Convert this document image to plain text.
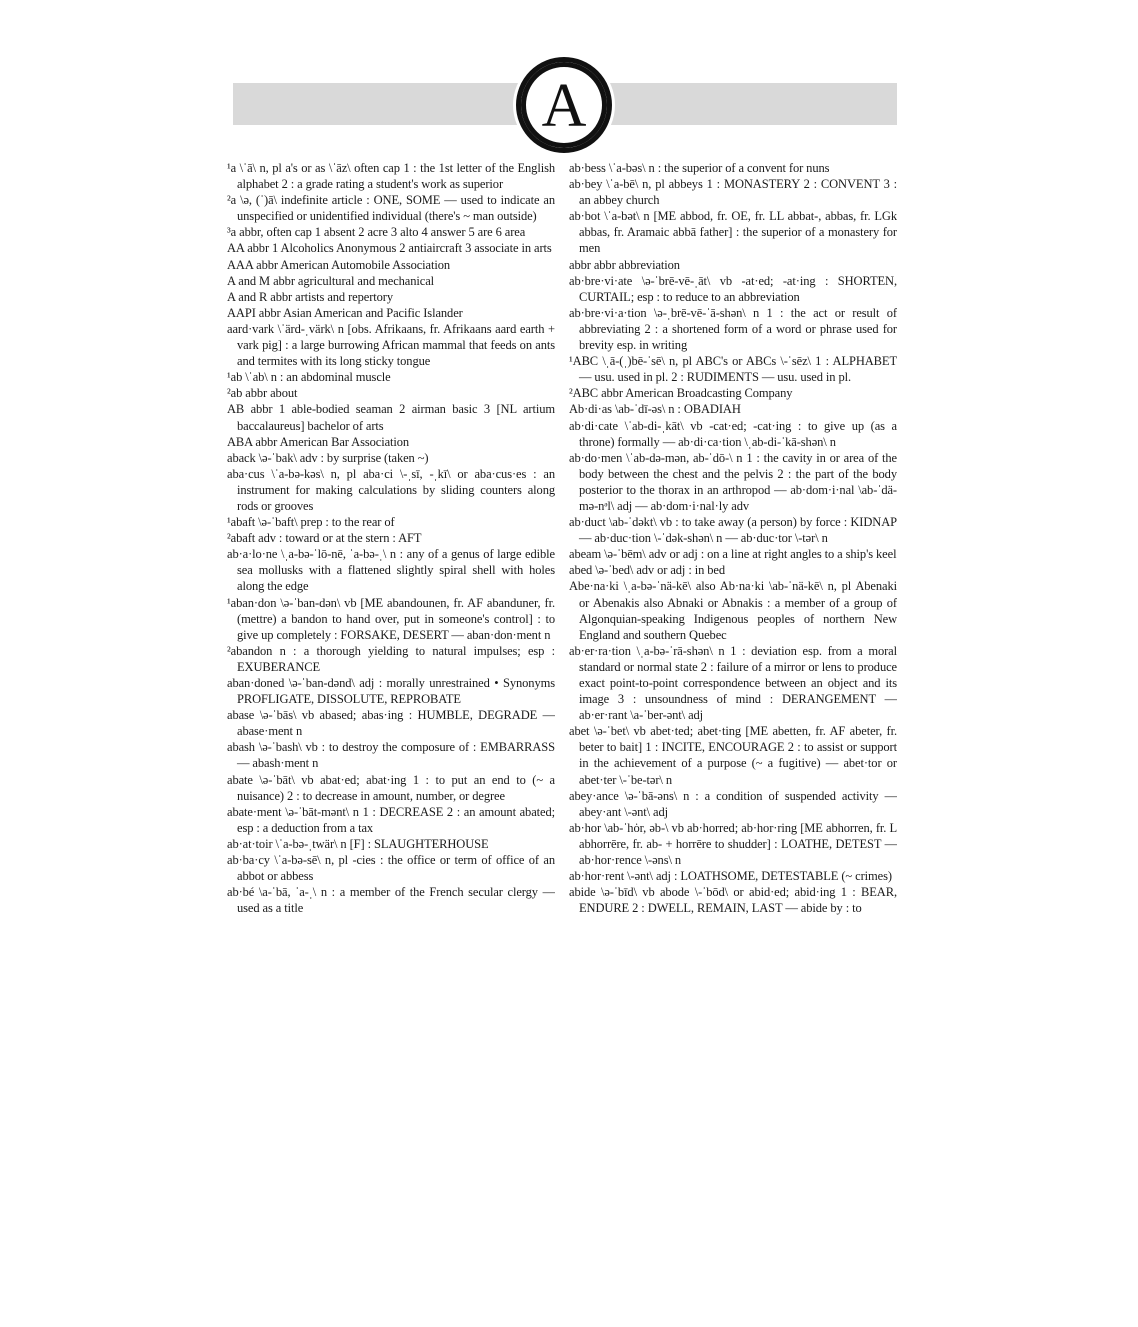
A

¹a \ˈā\ n, pl a's or as \ˈāz\ often cap 1 : the 1st letter of the English alphabet 2 : a grade rating a student's work as superior

²a \ə, (ˈ)ā\ indefinite article : ONE, SOME — used to indicate an unspecified or unidentified individual (there's ~ man outside)

³a abbr, often cap 1 absent 2 acre 3 alto 4 answer 5 are 6 area

AA abbr 1 Alcoholics Anonymous 2 antiaircraft 3 associate in arts

AAA abbr American Automobile Association

A and M abbr agricultural and mechanical

A and R abbr artists and repertory

AAPI abbr Asian American and Pacific Islander

aard·vark \ˈärd-ˌvärk\ n [obs. Afrikaans, fr. Afrikaans aard earth + vark pig] : a large burrowing African mammal that feeds on ants and termites with its long sticky tongue

¹ab \ˈab\ n : an abdominal muscle

²ab abbr about

AB abbr 1 able-bodied seaman 2 airman basic 3 [NL artium baccalaureus] bachelor of arts

ABA abbr American Bar Association

aback \ə-ˈbak\ adv : by surprise (taken ~)

aba·cus \ˈa-bə-kəs\ n, pl aba·ci \-ˌsī, -ˌkī\ or aba·cus·es : an instrument for making calculations by sliding counters along rods or grooves

¹abaft \ə-ˈbaft\ prep : to the rear of

²abaft adv : toward or at the stern : AFT

ab·a·lo·ne \ˌa-bə-ˈlō-nē, ˈa-bə-ˌ\ n : any of a genus of large edible sea mollusks with a flattened slightly spiral shell with holes along the edge

¹aban·don \ə-ˈban-dən\ vb [ME abandounen, fr. AF abanduner, fr. (mettre) a bandon to hand over, put in someone's control] : to give up completely : FORSAKE, DESERT — aban·don·ment n

²abandon n : a thorough yielding to natural impulses; esp : EXUBERANCE

aban·doned \ə-ˈban-dənd\ adj : morally unrestrained • Synonyms PROFLIGATE, DISSOLUTE, REPROBATE

abase \ə-ˈbās\ vb abased; abas·ing : HUMBLE, DEGRADE — abase·ment n

abash \ə-ˈbash\ vb : to destroy the composure of : EMBARRASS — abash·ment n

abate \ə-ˈbāt\ vb abat·ed; abat·ing 1 : to put an end to (~ a nuisance) 2 : to decrease in amount, number, or degree

abate·ment \ə-ˈbāt-mənt\ n 1 : DECREASE 2 : an amount abated; esp : a deduction from a tax

ab·at·toir \ˈa-bə-ˌtwär\ n [F] : SLAUGHTERHOUSE

ab·ba·cy \ˈa-bə-sē\ n, pl -cies : the office or term of office of an abbot or abbess

ab·bé \a-ˈbā, ˈa-ˌ\ n : a member of the French secular clergy — used as a title

ab·bess \ˈa-bəs\ n : the superior of a convent for nuns

ab·bey \ˈa-bē\ n, pl abbeys 1 : MONASTERY 2 : CONVENT 3 : an abbey church

ab·bot \ˈa-bət\ n [ME abbod, fr. OE, fr. LL abbat-, abbas, fr. LGk abbas, fr. Aramaic abbā father] : the superior of a monastery for men

abbr abbr abbreviation

ab·bre·vi·ate \ə-ˈbrē-vē-ˌāt\ vb -at·ed; -at·ing : SHORTEN, CURTAIL; esp : to reduce to an abbreviation

ab·bre·vi·a·tion \ə-ˌbrē-vē-ˈā-shən\ n 1 : the act or result of abbreviating 2 : a shortened form of a word or phrase used for brevity esp. in writing

¹ABC \ˌā-(ˌ)bē-ˈsē\ n, pl ABC's or ABCs \-ˈsēz\ 1 : ALPHABET — usu. used in pl. 2 : RUDIMENTS — usu. used in pl.

²ABC abbr American Broadcasting Company

Ab·di·as \ab-ˈdī-əs\ n : OBADIAH

ab·di·cate \ˈab-di-ˌkāt\ vb -cat·ed; -cat·ing : to give up (as a throne) formally — ab·di·ca·tion \ˌab-di-ˈkā-shən\ n

ab·do·men \ˈab-də-mən, ab-ˈdō-\ n 1 : the cavity in or area of the body between the chest and the pelvis 2 : the part of the body posterior to the thorax in an arthropod — ab·dom·i·nal \ab-ˈdä-mə-nᵊl\ adj — ab·dom·i·nal·ly adv

ab·duct \ab-ˈdəkt\ vb : to take away (a person) by force : KIDNAP — ab·duc·tion \-ˈdək-shən\ n — ab·duc·tor \-tər\ n

abeam \ə-ˈbēm\ adv or adj : on a line at right angles to a ship's keel

abed \ə-ˈbed\ adv or adj : in bed

Abe·na·ki \ˌa-bə-ˈnä-kē\ also Ab·na·ki \ab-ˈnä-kē\ n, pl Abenaki or Abenakis also Abnaki or Abnakis : a member of a group of Algonquian-speaking Indigenous peoples of northern New England and southern Quebec

ab·er·ra·tion \ˌa-bə-ˈrā-shən\ n 1 : deviation esp. from a moral standard or normal state 2 : failure of a mirror or lens to produce exact point-to-point correspondence between an object and its image 3 : unsoundness of mind : DERANGEMENT — ab·er·rant \a-ˈber-ənt\ adj

abet \ə-ˈbet\ vb abet·ted; abet·ting [ME abetten, fr. AF abeter, fr. beter to bait] 1 : INCITE, ENCOURAGE 2 : to assist or support in the achievement of a purpose (~ a fugitive) — abet·tor or abet·ter \-ˈbe-tər\ n

abey·ance \ə-ˈbā-əns\ n : a condition of suspended activity — abey·ant \-ənt\ adj

ab·hor \ab-ˈhȯr, əb-\ vb ab·horred; ab·hor·ring [ME abhorren, fr. L abhorrēre, fr. ab- + horrēre to shudder] : LOATHE, DETEST — ab·hor·rence \-əns\ n

ab·hor·rent \-ənt\ adj : LOATHSOME, DETESTABLE (~ crimes)

abide \ə-ˈbīd\ vb abode \-ˈbōd\ or abid·ed; abid·ing 1 : BEAR, ENDURE 2 : DWELL, REMAIN, LAST — abide by : to
